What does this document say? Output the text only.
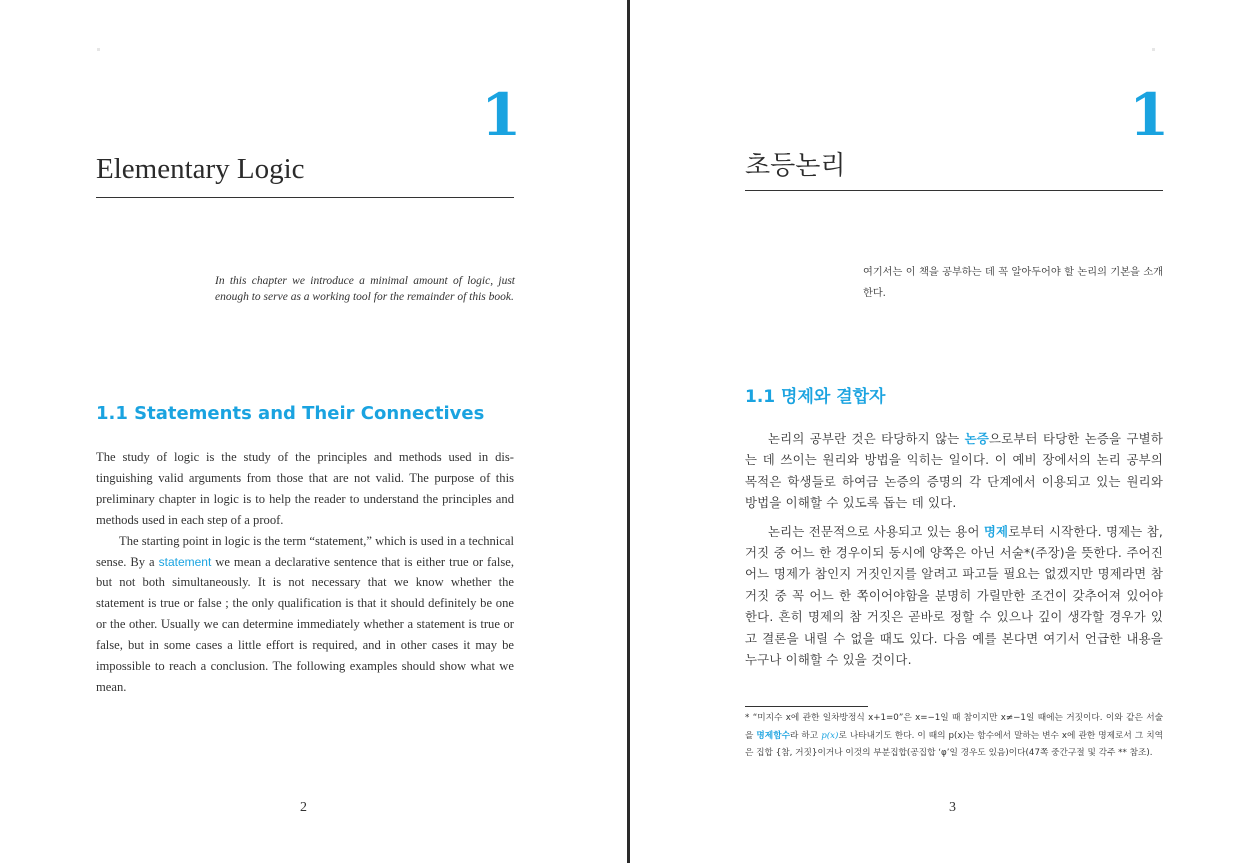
1
Elementary Logic
In this chapter we introduce a minimal amount of logic, just enough to serve as a working tool for the remainder of this book.
1.1 Statements and Their Connectives

The study of logic is the study of the principles and methods used in dis-tinguishing valid arguments from those that are not valid. The purpose of this preliminary chapter in logic is to help the reader to understand the principles and methods used in each step of a proof.

The starting point in logic is the term “statement,” which is used in a technical sense. By a statement we mean a declarative sentence that is either true or false, but not both simultaneously. It is not necessary that we know whether the statement is true or false ; the only qualification is that it should definitely be one or the other. Usually we can determine immediately whether a statement is true or false, but in some cases a little effort is required, and in other cases it may be impossible to reach a conclusion. The following examples should show what we mean.

2
1
초등논리
여기서는 이 책을 공부하는 데 꼭 알아두어야 할 논리의 기본을 소개한다.
1.1 명제와 결합자

논리의 공부란 것은 타당하지 않는 논증으로부터 타당한 논증을 구별하는 데 쓰이는 원리와 방법을 익히는 일이다. 이 예비 장에서의 논리 공부의 목적은 학생들로 하여금 논증의 증명의 각 단계에서 이용되고 있는 원리와 방법을 이해할 수 있도록 돕는 데 있다.

논리는 전문적으로 사용되고 있는 용어 명제로부터 시작한다. 명제는 참, 거짓 중 어느 한 경우이되 동시에 양쪽은 아닌 서술*(주장)을 뜻한다. 주어진 어느 명제가 참인지 거짓인지를 알려고 파고들 필요는 없겠지만 명제라면 참 거짓 중 꼭 어느 한 쪽이어야함을 분명히 가릴만한 조건이 갖추어져 있어야 한다. 흔히 명제의 참 거짓은 곧바로 정할 수 있으나 깊이 생각할 경우가 있고 결론을 내릴 수 없을 때도 있다. 다음 예를 본다면 여기서 언급한 내용을 누구나 이해할 수 있을 것이다.

* “미지수 x에 관한 일차방정식 x+1=0”은 x=−1일 때 참이지만 x≠−1일 때에는 거짓이다. 이와 같은 서술을 명제함수라 하고 p(x)로 나타내기도 한다. 이 때의 p(x)는 함수에서 말하는 변수 x에 관한 명제로서 그 치역은 집합 {참, 거짓}이거나 이것의 부분집합(공집합 ‘φ’일 경우도 있음)이다(47쪽 중간구절 및 각주 ** 참조).
3
